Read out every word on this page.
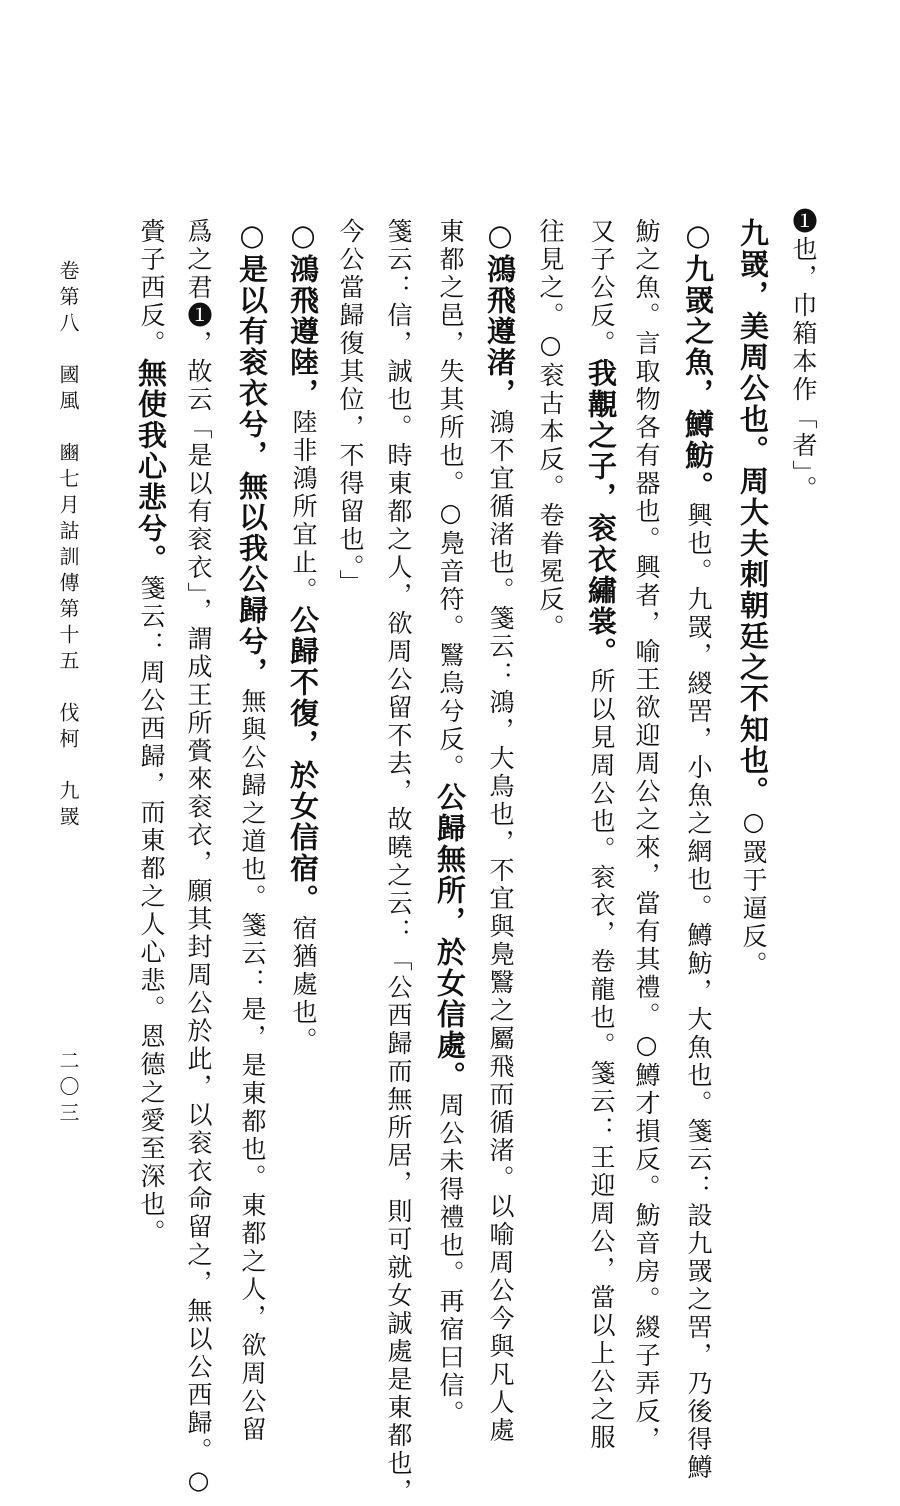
❶也，巾箱本作「者」。
九罭，美周公也。周大夫刺朝廷之不知也。○罭于逼反。
○九罭之魚，鱒魴。興也。九罭，緵罟，小魚之網也。鱒魴，大魚也。箋云：設九罭之罟，乃後得鱒
魴之魚。言取物各有器也。興者，喻王欲迎周公之來，當有其禮。○鱒才損反。魴音房。緵子弄反，
又子公反。我覯之子，衮衣繡裳。所以見周公也。衮衣，卷龍也。箋云：王迎周公，當以上公之服
往見之。○衮古本反。卷眷冕反。
○鴻飛遵渚，鴻不宜循渚也。箋云：鴻，大鳥也，不宜與鳧鷖之屬飛而循渚。以喻周公今與凡人處
東都之邑，失其所也。○鳧音符。鷖烏兮反。公歸無所，於女信處。周公未得禮也。再宿曰信。
箋云：信，誠也。時東都之人，欲周公留不去，故曉之云：「公西歸而無所居，則可就女誠處是東都也，
今公當歸復其位，不得留也。」
○鴻飛遵陸，陸非鴻所宜止。公歸不復，於女信宿。宿猶處也。
○是以有衮衣兮，無以我公歸兮，無與公歸之道也。箋云：是，是東都也。東都之人，欲周公留
爲之君❶，故云「是以有衮衣」，謂成王所賫來衮衣，願其封周公於此，以衮衣命留之，無以公西歸。○
賫子西反。無使我心悲兮。箋云：周公西歸，而東都之人心悲。恩德之愛至深也。
卷第八　國風　豳七月詁訓傳第十五　伐柯　九罭
二〇三
